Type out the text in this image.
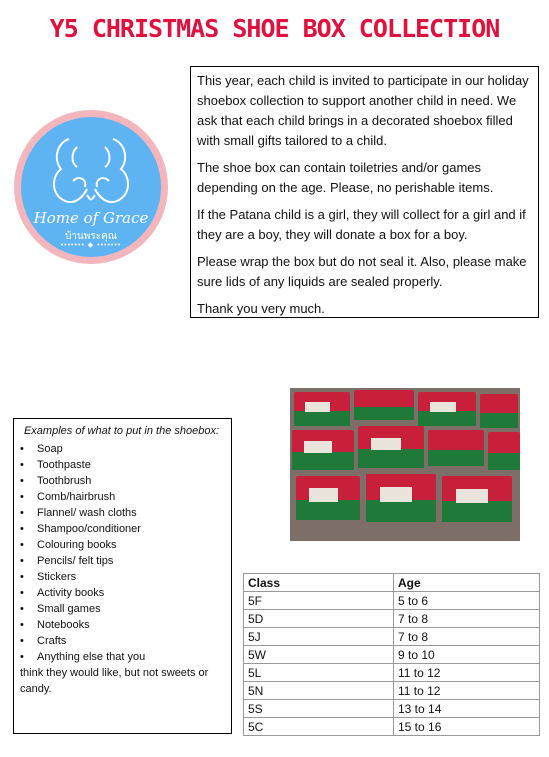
Y5 CHRISTMAS SHOE BOX COLLECTION
Home of Grace
บ้านพระคุณ
••••••• ◆ •••••••

This year, each child is invited to participate in our holiday shoebox collection to support another child in need. We ask that each child brings in a decorated shoebox filled with small gifts tailored to a child.

The shoe box can contain toiletries and/or games depending on the age. Please, no perishable items.

If the Patana child is a girl, they will collect for a girl and if they are a boy, they will donate a box for a boy.

Please wrap the box but do not seal it. Also, please make sure lids of any liquids are sealed properly.

Thank you very much.

Examples of what to put in the shoebox:
• Soap
• Toothpaste
• Toothbrush
• Comb/hairbrush
• Flannel/ wash cloths
• Shampoo/conditioner
• Colouring books
• Pencils/ felt tips
• Stickers
• Activity books
• Small games
• Notebooks
• Crafts
• Anything else that you
think they would like, but not sweets or candy.
Class	Age
5F	5 to 6
5D	7 to 8
5J	7 to 8
5W	9 to 10
5L	11 to 12
5N	11 to 12
5S	13 to 14
5C	15 to 16
